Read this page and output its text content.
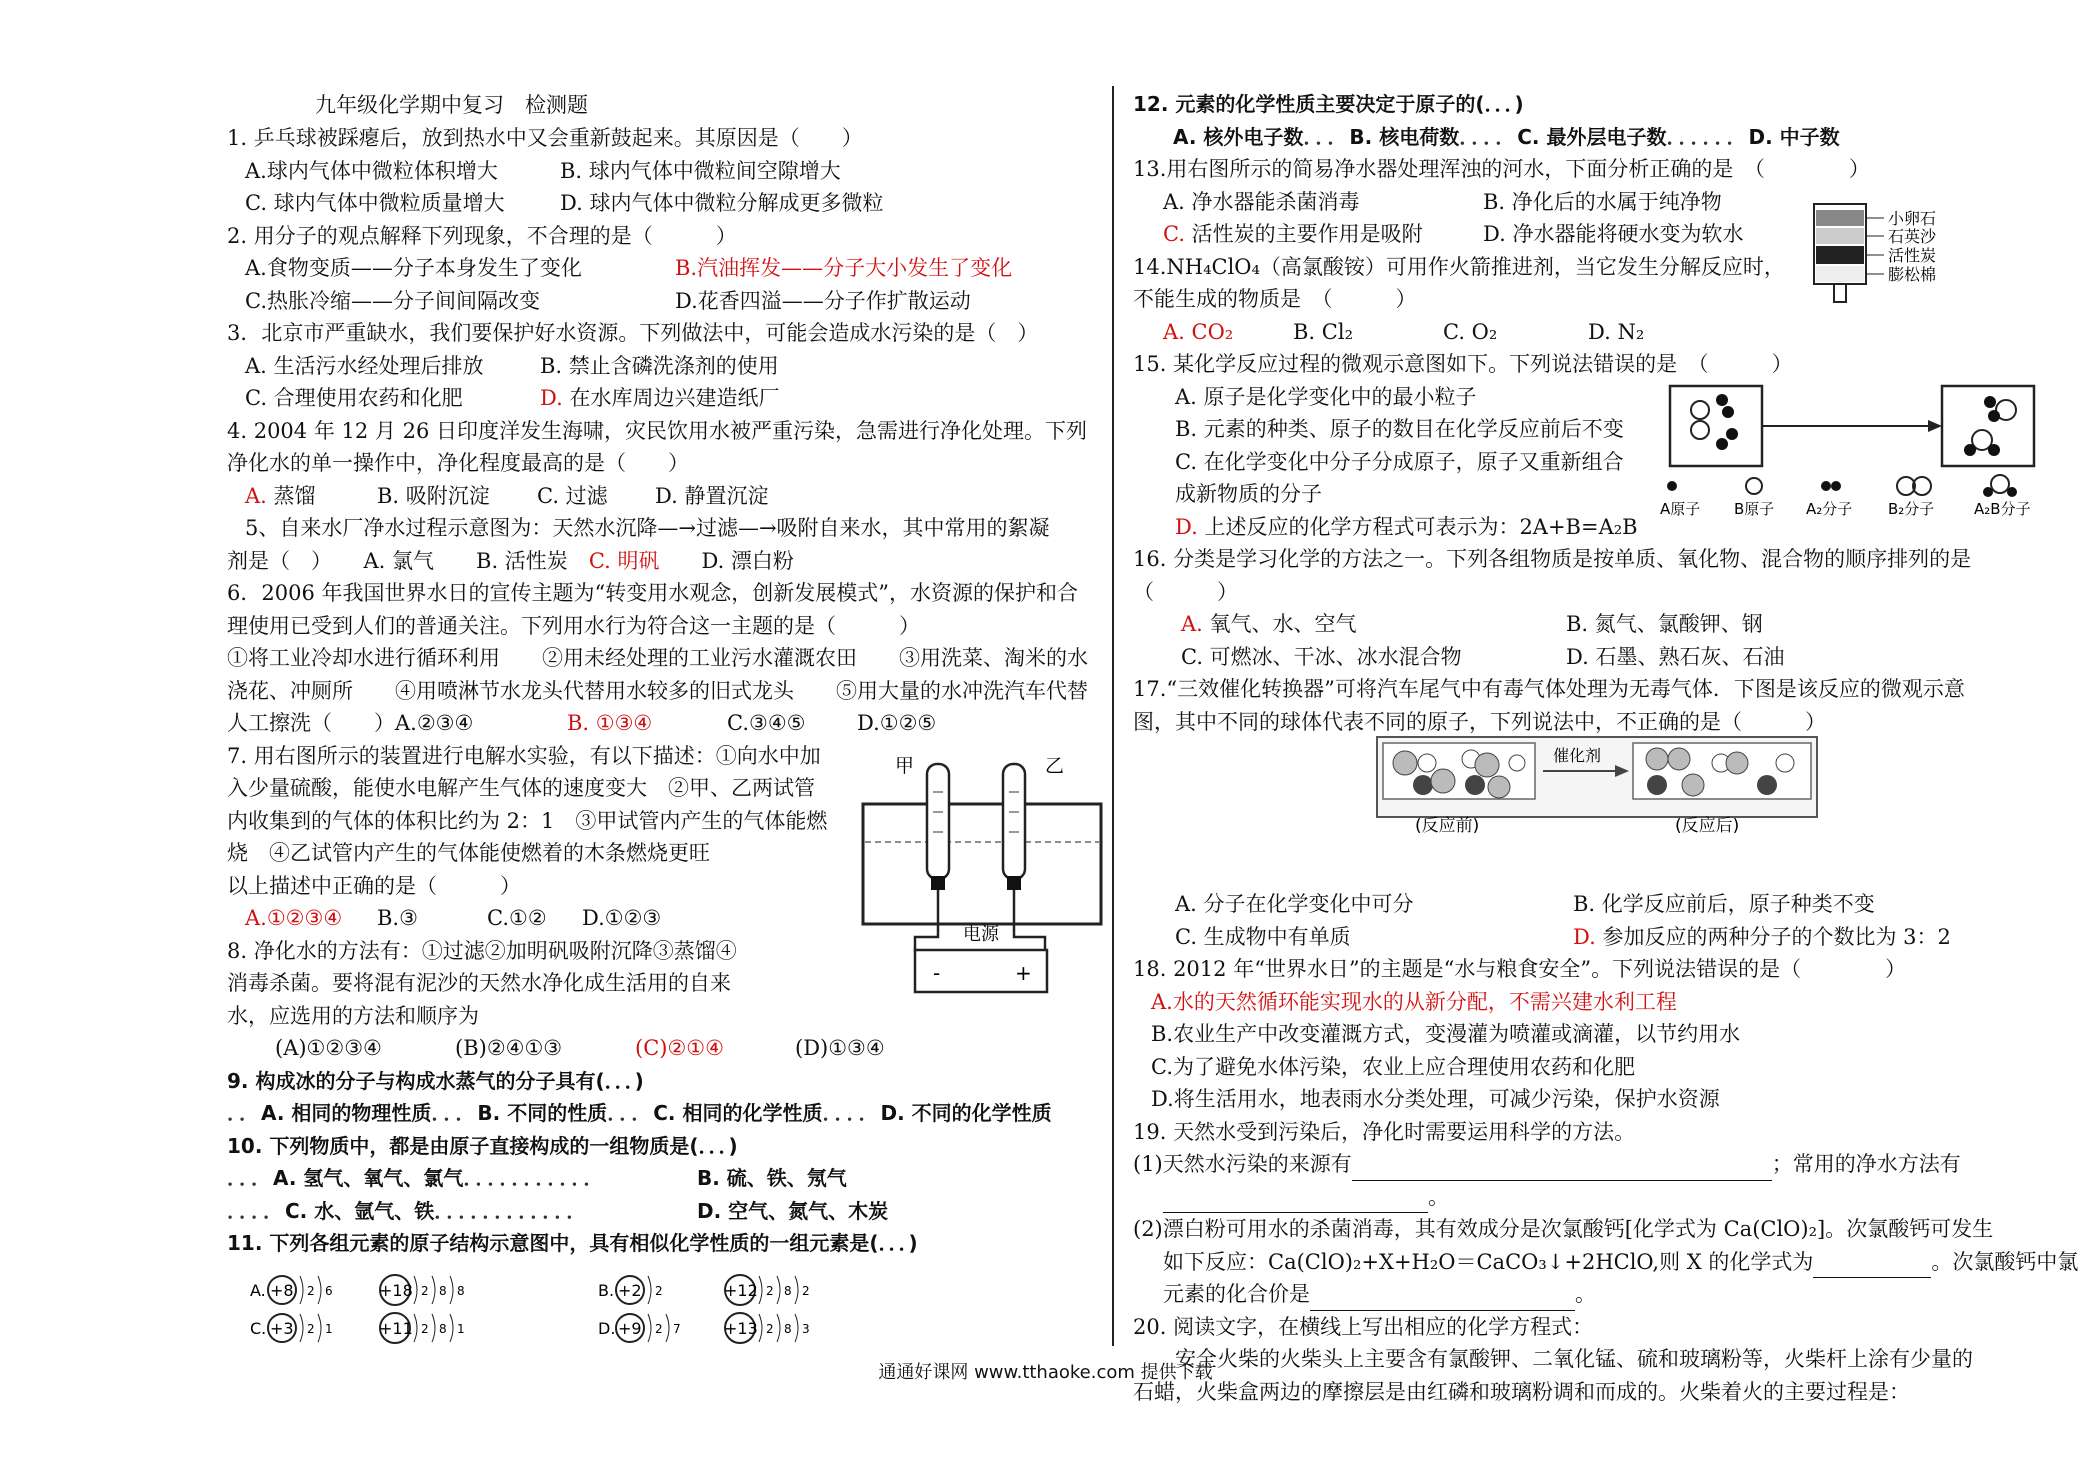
九年级化学期中复习　检测题
1. 乒乓球被踩瘪后，放到热水中又会重新鼓起来。其原因是（　　）
A.球内气体中微粒体积增大	B. 球内气体中微粒间空隙增大
C. 球内气体中微粒质量增大	D. 球内气体中微粒分解成更多微粒
2. 用分子的观点解释下列现象，不合理的是（　　　）
A.食物变质——分子本身发生了变化	B.汽油挥发——分子大小发生了变化
C.热胀冷缩——分子间间隔改变	D.花香四溢——分子作扩散运动
3．北京市严重缺水，我们要保护好水资源。下列做法中，可能会造成水污染的是（　）
A. 生活污水经处理后排放	B. 禁止含磷洗涤剂的使用
C. 合理使用农药和化肥	D. 在水库周边兴建造纸厂
4. 2004 年 12 月 26 日印度洋发生海啸，灾民饮用水被严重污染，急需进行净化处理。下列
净化水的单一操作中，净化程度最高的是（　　）
A. 蒸馏	B. 吸附沉淀 C. 过滤 D. 静置沉淀
5、自来水厂净水过程示意图为：天然水沉降—→过滤—→吸附自来水，其中常用的絮凝
剂是（　）　　A. 氯气　　B. 活性炭　 C. 明矾　　 D. 漂白粉
6．2006 年我国世界水日的宣传主题为“转变用水观念，创新发展模式”，水资源的保护和合
理使用已受到人们的普通关注。下列用水行为符合这一主题的是（　　　）
①将工业冷却水进行循环利用　　②用未经处理的工业污水灌溉农田　　③用洗菜、淘米的水
浇花、冲厕所　　④用喷淋节水龙头代替用水较多的旧式龙头　　⑤用大量的水冲洗汽车代替
人工擦洗（　　）A.②③④	B. ①③④	C.③④⑤ D.①②⑤
7. 用右图所示的装置进行电解水实验，有以下描述：①向水中加
入少量硫酸，能使水电解产生气体的速度变大　②甲、乙两试管
内收集到的气体的体积比约为 2：1　③甲试管内产生的气体能燃
烧　④乙试管内产生的气体能使燃着的木条燃烧更旺
以上描述中正确的是（　　　）
A.①②③④ B.③	C.①② D.①②③
8. 净化水的方法有：①过滤②加明矾吸附沉降③蒸馏④
消毒杀菌。要将混有泥沙的天然水净化成生活用的自来
水，应选用的方法和顺序为
(A)①②③④	(B)②④①③	(C)②①④	(D)①③④
9. 构成冰的分子与构成水蒸气的分子具有(．．．)
．．A. 相同的物理性质．．．B. 不同的性质．．．C. 相同的化学性质．．．．D. 不同的化学性质
10. 下列物质中，都是由原子直接构成的一组物质是(．．．)
．．．A. 氢气、氧气、氯气．．．．．．．．．．．	B. 硫、铁、氖气
．．．．C. 水、氩气、铁．．．．．．．．．．．．	D. 空气、氮气、木炭
11. 下列各组元素的原子结构示意图中，具有相似化学性质的一组元素是(．．．)
甲	乙
电源
-	+
A. +8 2 6	+18 2 8 8	B. +2 2	+12 2 8 2
C. +3 2 1	+11 2 8 1	D. +9 2 7	+13 2 8 3
12. 元素的化学性质主要决定于原子的(．．．)
A. 核外电子数．．．B. 核电荷数．．．．C. 最外层电子数．．．．．．D. 中子数
13.用右图所示的简易净水器处理浑浊的河水，下面分析正确的是　（　　　　）
A. 净水器能杀菌消毒	B. 净化后的水属于纯净物
C. 活性炭的主要作用是吸附	D. 净水器能将硬水变为软水
14.NH₄ClO₄（高氯酸铵）可用作火箭推进剂，当它发生分解反应时，
不能生成的物质是　（　　　）
A. CO₂	B. Cl₂	C. O₂	D. N₂
15. 某化学反应过程的微观示意图如下。下列说法错误的是　（　　　）
A. 原子是化学变化中的最小粒子
B. 元素的种类、原子的数目在化学反应前后不变
C. 在化学变化中分子分成原子，原子又重新组合
成新物质的分子
D. 上述反应的化学方程式可表示为：2A+B=A₂B
16. 分类是学习化学的方法之一。下列各组物质是按单质、氧化物、混合物的顺序排列的是
（　　　）
A. 氧气、水、空气	B. 氮气、氯酸钾、钢
C. 可燃冰、干冰、冰水混合物	D. 石墨、熟石灰、石油
17.“三效催化转换器”可将汽车尾气中有毒气体处理为无毒气体．下图是该反应的微观示意
图，其中不同的球体代表不同的原子，下列说法中，不正确的是（　　　）
A. 分子在化学变化中可分	B. 化学反应前后，原子种类不变
C. 生成物中有单质	D. 参加反应的两种分子的个数比为 3：2
18. 2012 年“世界水日”的主题是“水与粮食安全”。下列说法错误的是（　　　　）
A.水的天然循环能实现水的从新分配，不需兴建水利工程
B.农业生产中改变灌溉方式，变漫灌为喷灌或滴灌，以节约用水
C.为了避免水体污染，农业上应合理使用农药和化肥
D.将生活用水，地表雨水分类处理，可减少污染，保护水资源
19. 天然水受到污染后，净化时需要运用科学的方法。
(1)天然水污染的来源有	；常用的净水方法有
。
(2)漂白粉可用水的杀菌消毒，其有效成分是次氯酸钙[化学式为 Ca(ClO)₂]。次氯酸钙可发生
如下反应：Ca(ClO)₂+X+H₂O＝CaCO₃↓+2HClO,则 X 的化学式为	。次氯酸钙中氯
元素的化合价是	。
20. 阅读文字，在横线上写出相应的化学方程式：
安全火柴的火柴头上主要含有氯酸钾、二氧化锰、硫和玻璃粉等，火柴杆上涂有少量的
石蜡，火柴盒两边的摩擦层是由红磷和玻璃粉调和而成的。火柴着火的主要过程是：
小卵石
石英沙
活性炭
膨松棉
A原子 B原子 A₂分子 B₂分子	A₂B分子
催化剂
(反应前)	(反应后)
通通好课网 www.tthaoke.com 提供下载
